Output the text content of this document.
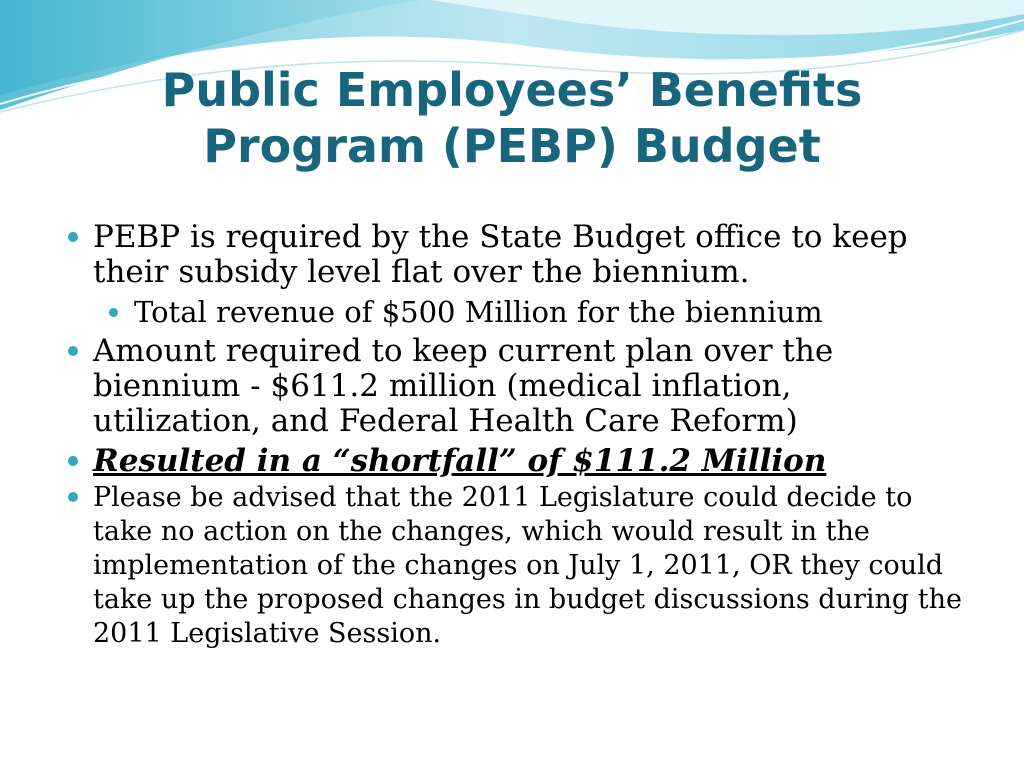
Public Employees’ Benefits
Program (PEBP) Budget
PEBP is required by the State Budget office to keep their subsidy level flat over the biennium.
Total revenue of $500 Million for the biennium
Amount required to keep current plan over the biennium - $611.2 million (medical inflation, utilization, and Federal Health Care Reform)
Resulted in a “shortfall” of $111.2 Million
Please be advised that the 2011 Legislature could decide to take no action on the changes, which would result in the implementation of the changes on July 1, 2011, OR they could take up the proposed changes in budget discussions during the 2011 Legislative Session.
